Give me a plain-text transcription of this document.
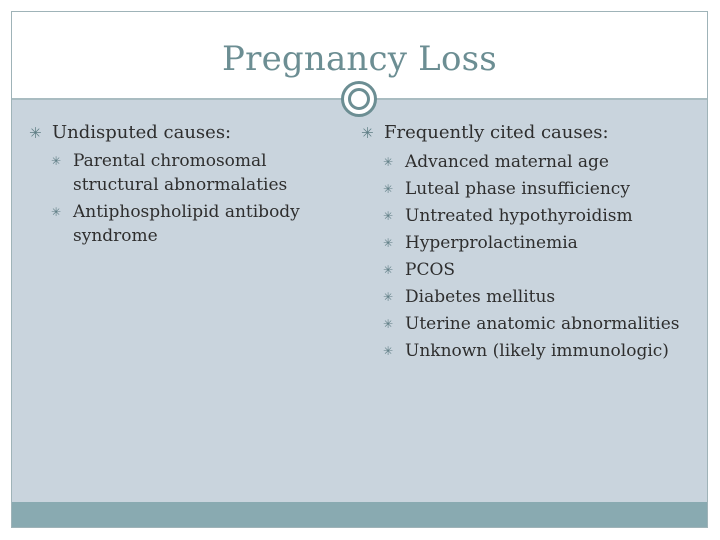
Pregnancy Loss
✳ Undisputed causes:
✳ Parental chromosomal structural abnormalaties
✳ Antiphospholipid antibody syndrome
✳ Frequently cited causes:
✳ Advanced maternal age
✳ Luteal phase insufficiency
✳ Untreated hypothyroidism
✳ Hyperprolactinemia
✳ PCOS
✳ Diabetes mellitus
✳ Uterine anatomic abnormalities
✳ Unknown (likely immunologic)
